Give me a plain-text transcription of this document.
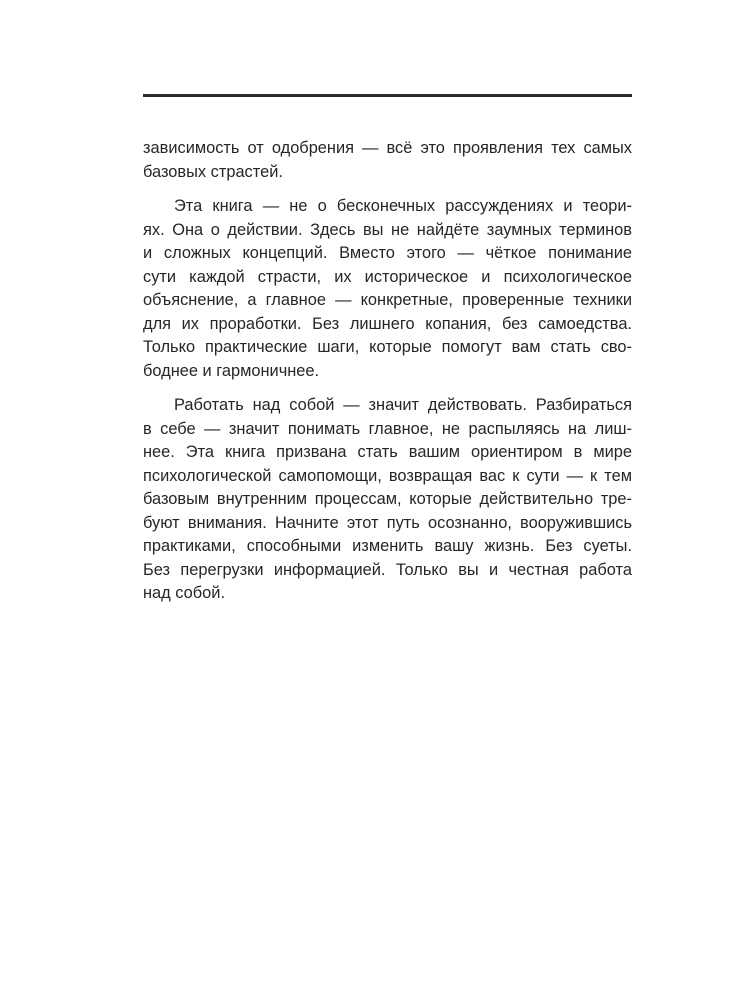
зависимость от одобрения — всё это проявления тех самых
базовых страстей.
Эта книга — не о бесконечных рассуждениях и теори-
ях. Она о действии. Здесь вы не найдёте заумных терминов
и сложных концепций. Вместо этого — чёткое понимание
сути каждой страсти, их историческое и психологическое
объяснение, а главное — конкретные, проверенные техники
для их проработки. Без лишнего копания, без самоедства.
Только практические шаги, которые помогут вам стать сво-
боднее и гармоничнее.
Работать над собой — значит действовать. Разбираться
в себе — значит понимать главное, не распыляясь на лиш-
нее. Эта книга призвана стать вашим ориентиром в мире
психологической самопомощи, возвращая вас к сути — к тем
базовым внутренним процессам, которые действительно тре-
буют внимания. Начните этот путь осознанно, вооружившись
практиками, способными изменить вашу жизнь. Без суеты.
Без перегрузки информацией. Только вы и честная работа
над собой.
